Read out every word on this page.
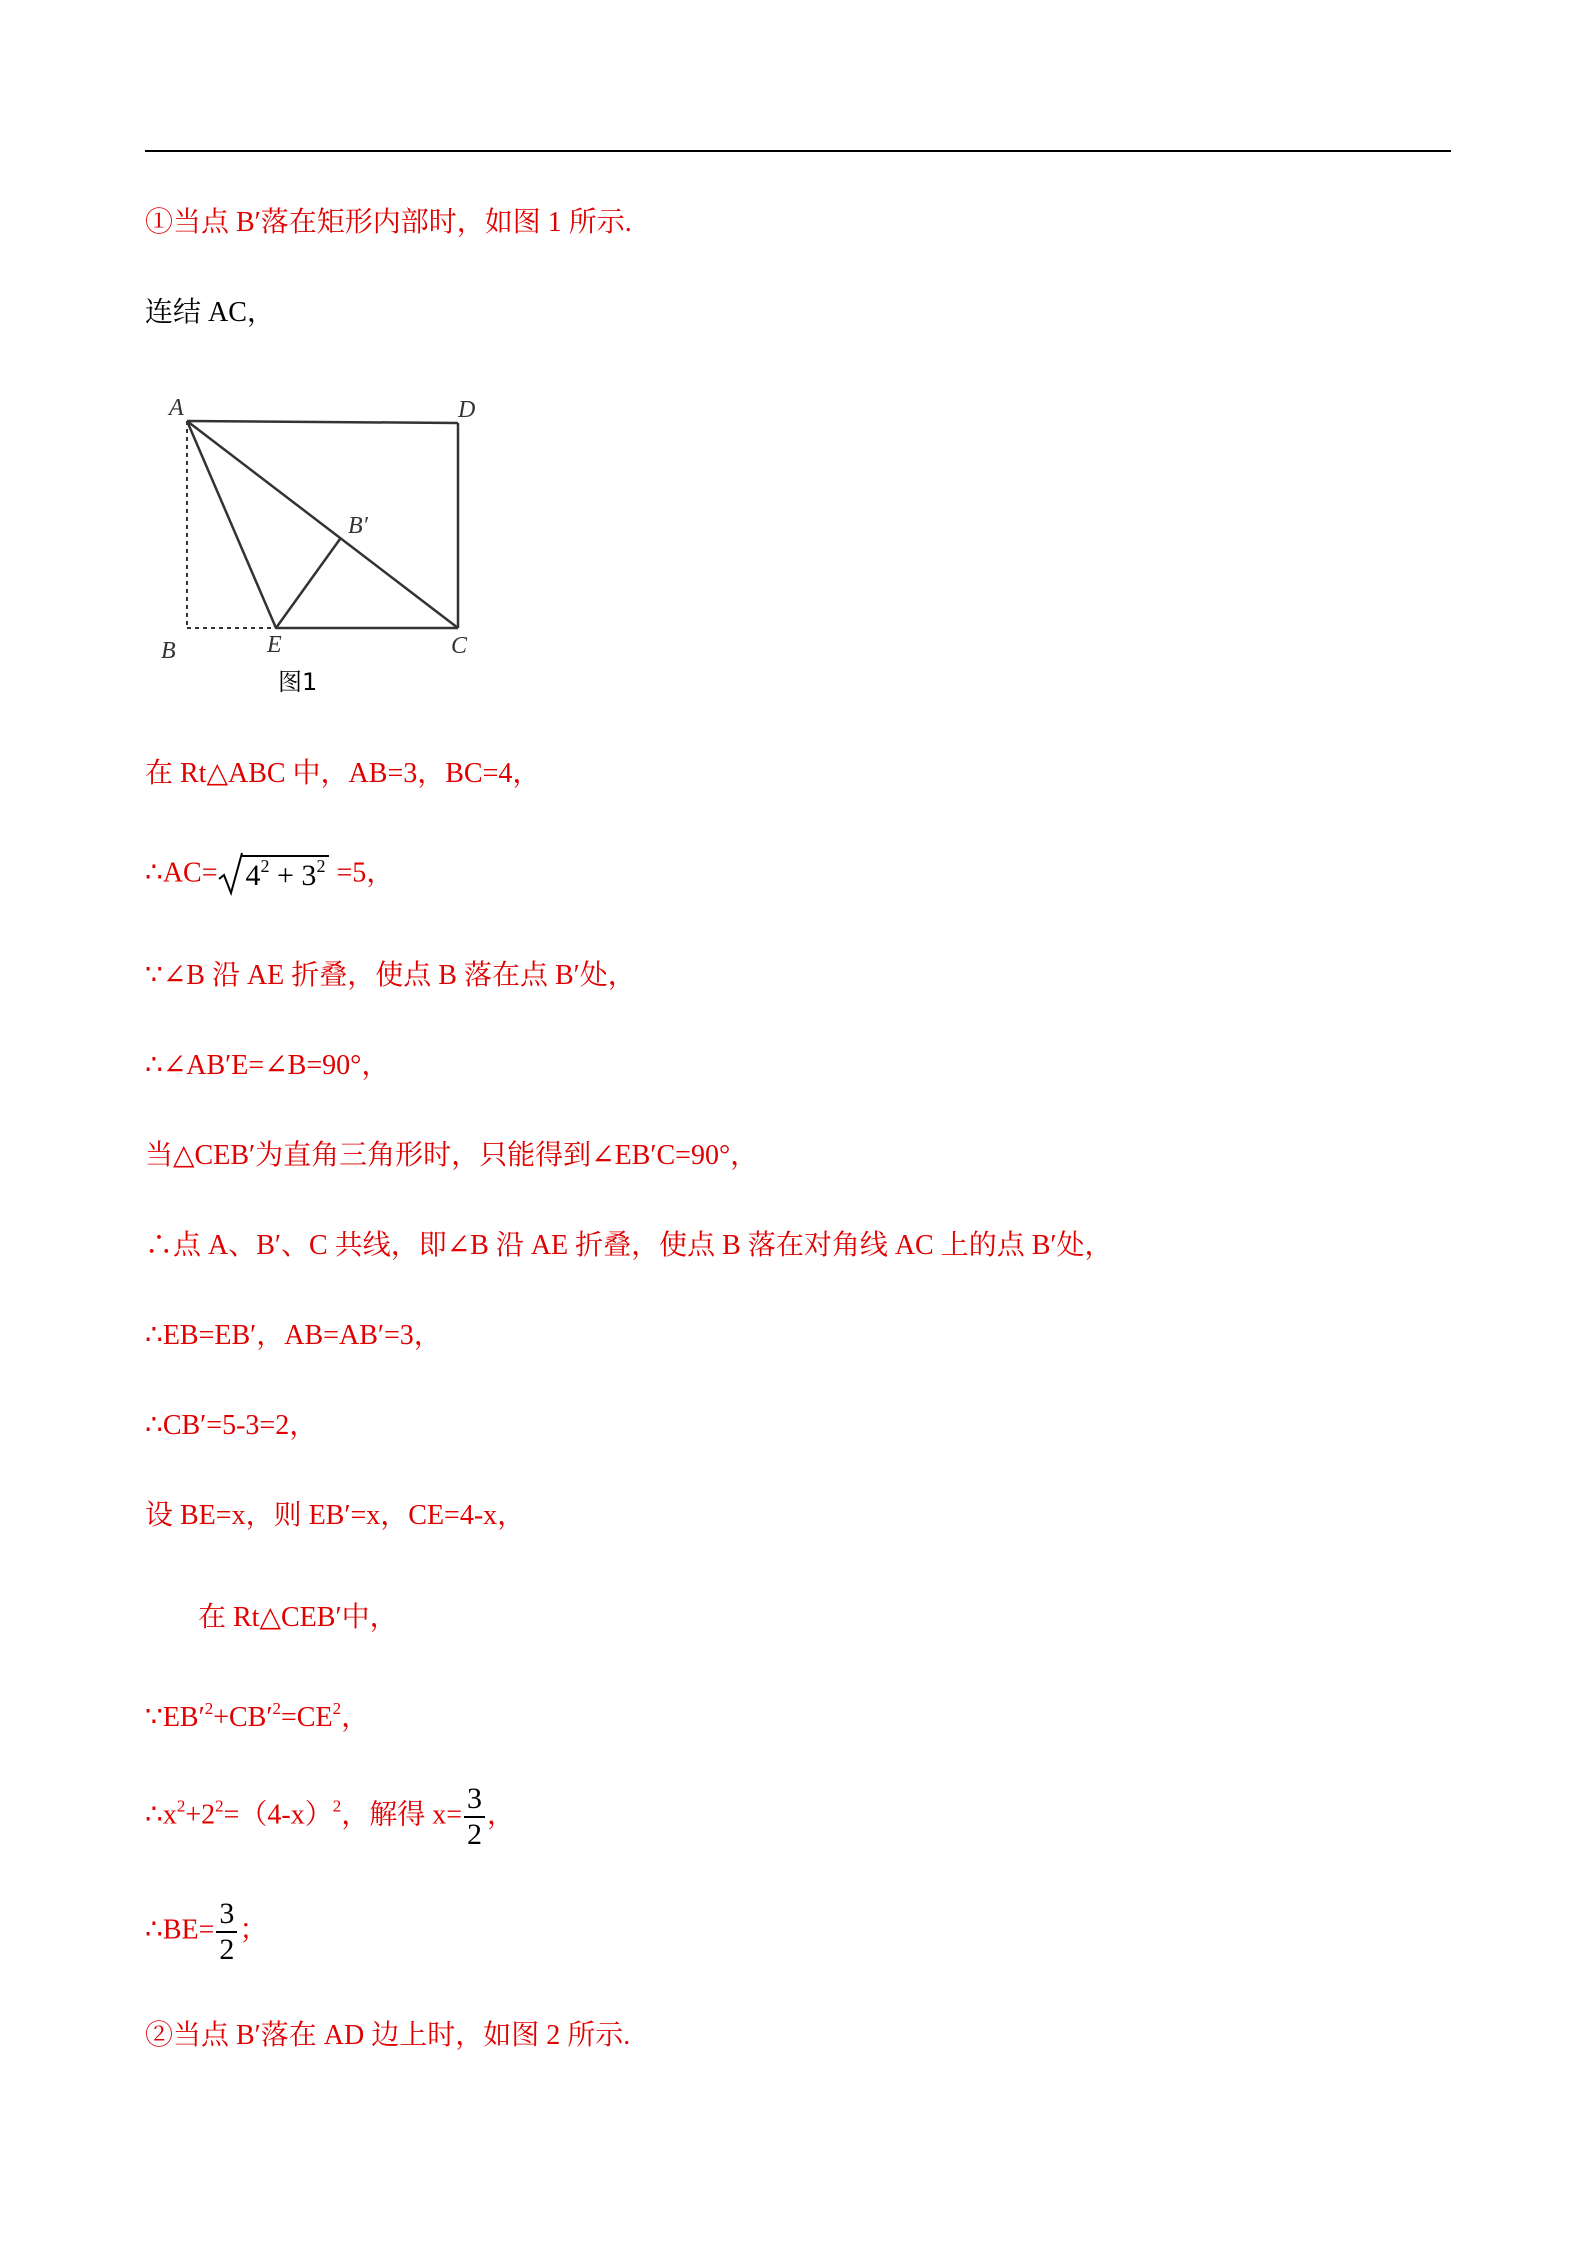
①当点 B′落在矩形内部时，如图 1 所示.
连结 AC，
A	D
B′
B	E	C
图1
在 Rt△ABC 中，AB=3，BC=4，
∴AC= $4^2 + 3^2 =5$，
∵∠B 沿 AE 折叠，使点 B 落在点 B′处，
∴∠AB′E=∠B=90°，
当△CEB′为直角三角形时，只能得到∠EB′C=90°，
∴点 A、B′、C 共线，即∠B 沿 AE 折叠，使点 B 落在对角线 AC 上的点 B′处，
∴EB=EB′，AB=AB′=3，
∴CB′=5-3=2，
设 BE=x，则 EB′=x，CE=4-x，
在 Rt△CEB′中，
$\because EB'^2+CB'^2=CE^2$，
$\therefore x^2+2^2=(4-x)^2$，解得 $x= \frac{3}{2}$ ，
∴BE= $\frac{3}{2}$ ；
②当点 B′落在 AD 边上时，如图 2 所示.
